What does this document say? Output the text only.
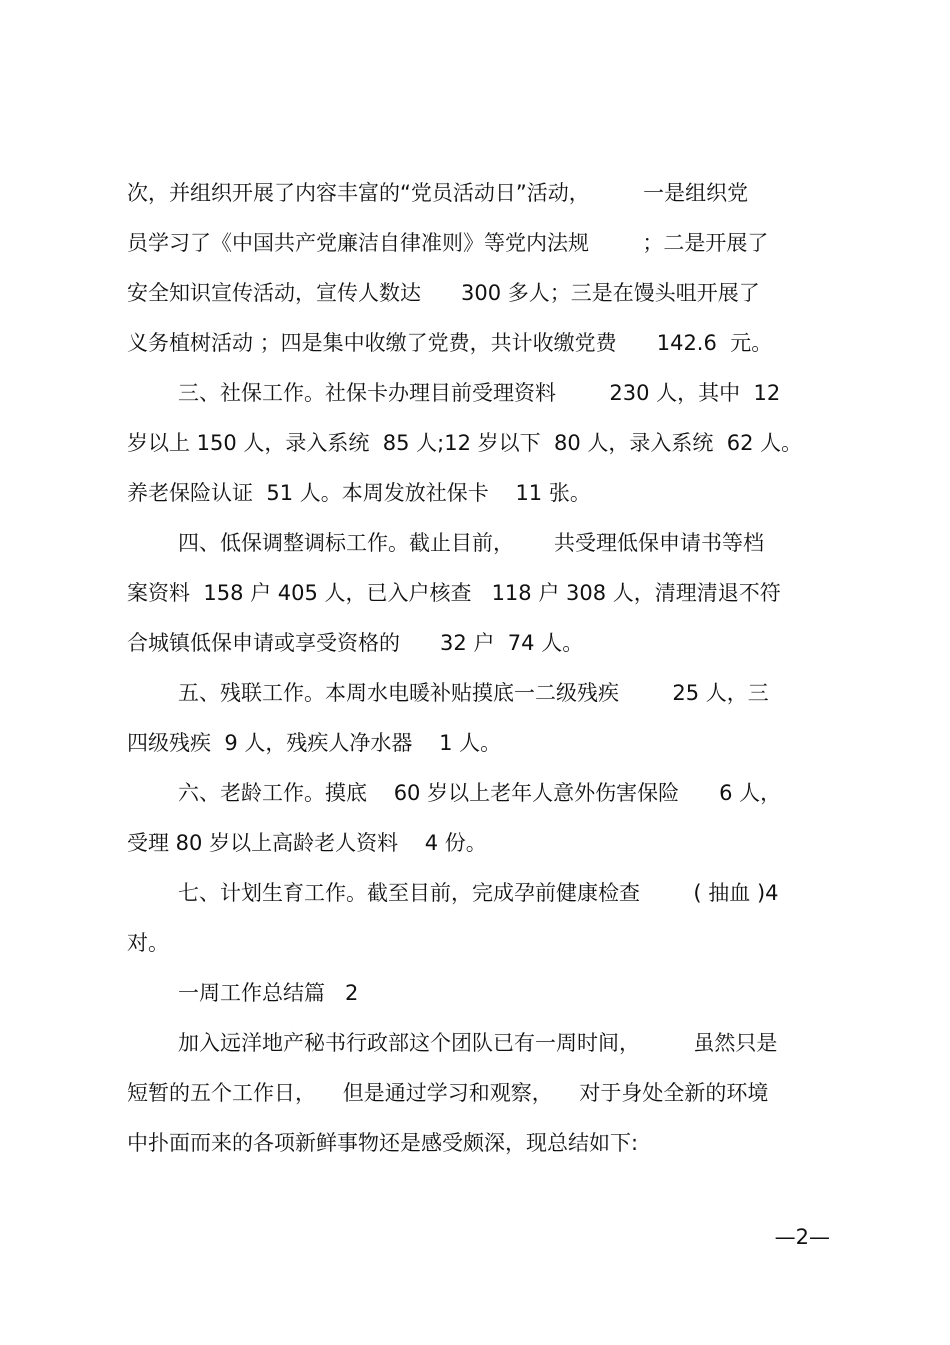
次，并组织开展了内容丰富的“党员活动日”活动，        一是组织党
员学习了《中国共产党廉洁自律准则》等党内法规        ；二是开展了
安全知识宣传活动，宣传人数达      300 多人；三是在馒头咀开展了
义务植树活动 ；四是集中收缴了党费，共计收缴党费      142.6  元。
三、社保工作。社保卡办理目前受理资料        230 人，其中  12
岁以上 150 人，录入系统  85 人;12 岁以下  80 人，录入系统  62 人。
养老保险认证  51 人。本周发放社保卡    11 张。
四、低保调整调标工作。截止目前，      共受理低保申请书等档
案资料  158 户 405 人，已入户核查   118 户 308 人，清理清退不符
合城镇低保申请或享受资格的      32 户  74 人。
五、残联工作。本周水电暖补贴摸底一二级残疾        25 人，三
四级残疾  9 人，残疾人净水器    1 人。
六、老龄工作。摸底    60 岁以上老年人意外伤害保险      6 人，
受理 80 岁以上高龄老人资料    4 份。
七、计划生育工作。截至目前，完成孕前健康检查        ( 抽血 )4
对。
一周工作总结篇   2
加入远洋地产秘书行政部这个团队已有一周时间，        虽然只是
短暂的五个工作日，    但是通过学习和观察，    对于身处全新的环境
中扑面而来的各项新鲜事物还是感受颇深，现总结如下:
—2—
